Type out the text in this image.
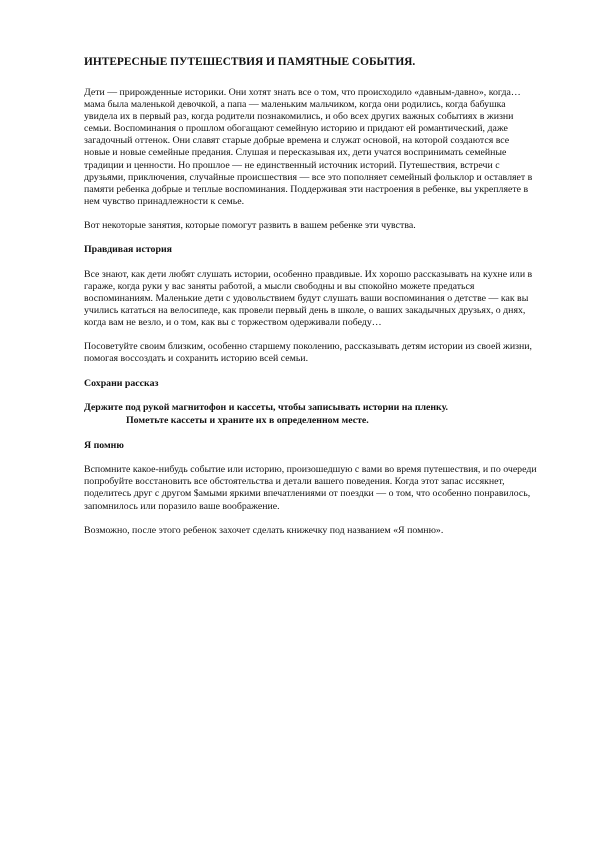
ИНТЕРЕСНЫЕ ПУТЕШЕСТВИЯ И ПАМЯТНЫЕ СОБЫТИЯ.

Дети — прирожденные историки. Они хотят знать все о том, что происходило «давным-давно», когда… мама была маленькой девочкой, а папа — маленьким мальчиком, когда они родились, когда бабушка увидела их в первый раз, когда родители познакомились, и обо всех других важных событиях в жизни семьи. Воспоминания о прошлом обогащают семейную историю и придают ей романтический, даже загадочный оттенок. Они славят старые добрые времена и служат основой, на которой создаются все новые и новые семейные предания. Слушая и пересказывая их, дети учатся воспринимать семейные традиции и ценности. Но прошлое — не единственный источник историй. Путешествия, встречи с друзьями, приключения, случайные происшествия — все это пополняет семейный фольклор и оставляет в памяти ребенка добрые и теплые воспоминания. Поддерживая эти настроения в ребенке, вы укрепляете в нем чувство принадлежности к семье.

Вот некоторые занятия, которые помогут развить в вашем ребенке эти чувства.

Правдивая история

Все знают, как дети любят слушать истории, особенно правдивые. Их хорошо рассказывать на кухне или в гараже, когда руки у вас заняты работой, а мысли свободны и вы спокойно можете предаться воспоминаниям. Маленькие дети с удовольствием будут слушать ваши воспоминания о детстве — как вы учились кататься на велосипеде, как провели первый день в школе, о ваших закадычных друзьях, о днях, когда вам не везло, и о том, как вы с торжеством одерживали победу…

Посоветуйте своим близким, особенно старшему поколению, рассказывать детям истории из своей жизни, помогая воссоздать и сохранить историю всей семьи.

Сохрани рассказ

Держите под рукой магнитофон и кассеты, чтобы записывать истории на пленку.

Пометьте кассеты и храните их в определенном месте.

Я помню

Вспомните какое-нибудь событие или историю, произошедшую с вами во время путешествия, и по очереди попробуйте восстановить все обстоятельства и детали вашего поведения. Когда этот запас иссякнет, поделитесь друг с другом $амыми яркими впечатлениями от поездки — о том, что особенно понравилось, запомнилось или поразило ваше воображение.

Возможно, после этого ребенок захочет сделать книжечку под названием «Я помню».
